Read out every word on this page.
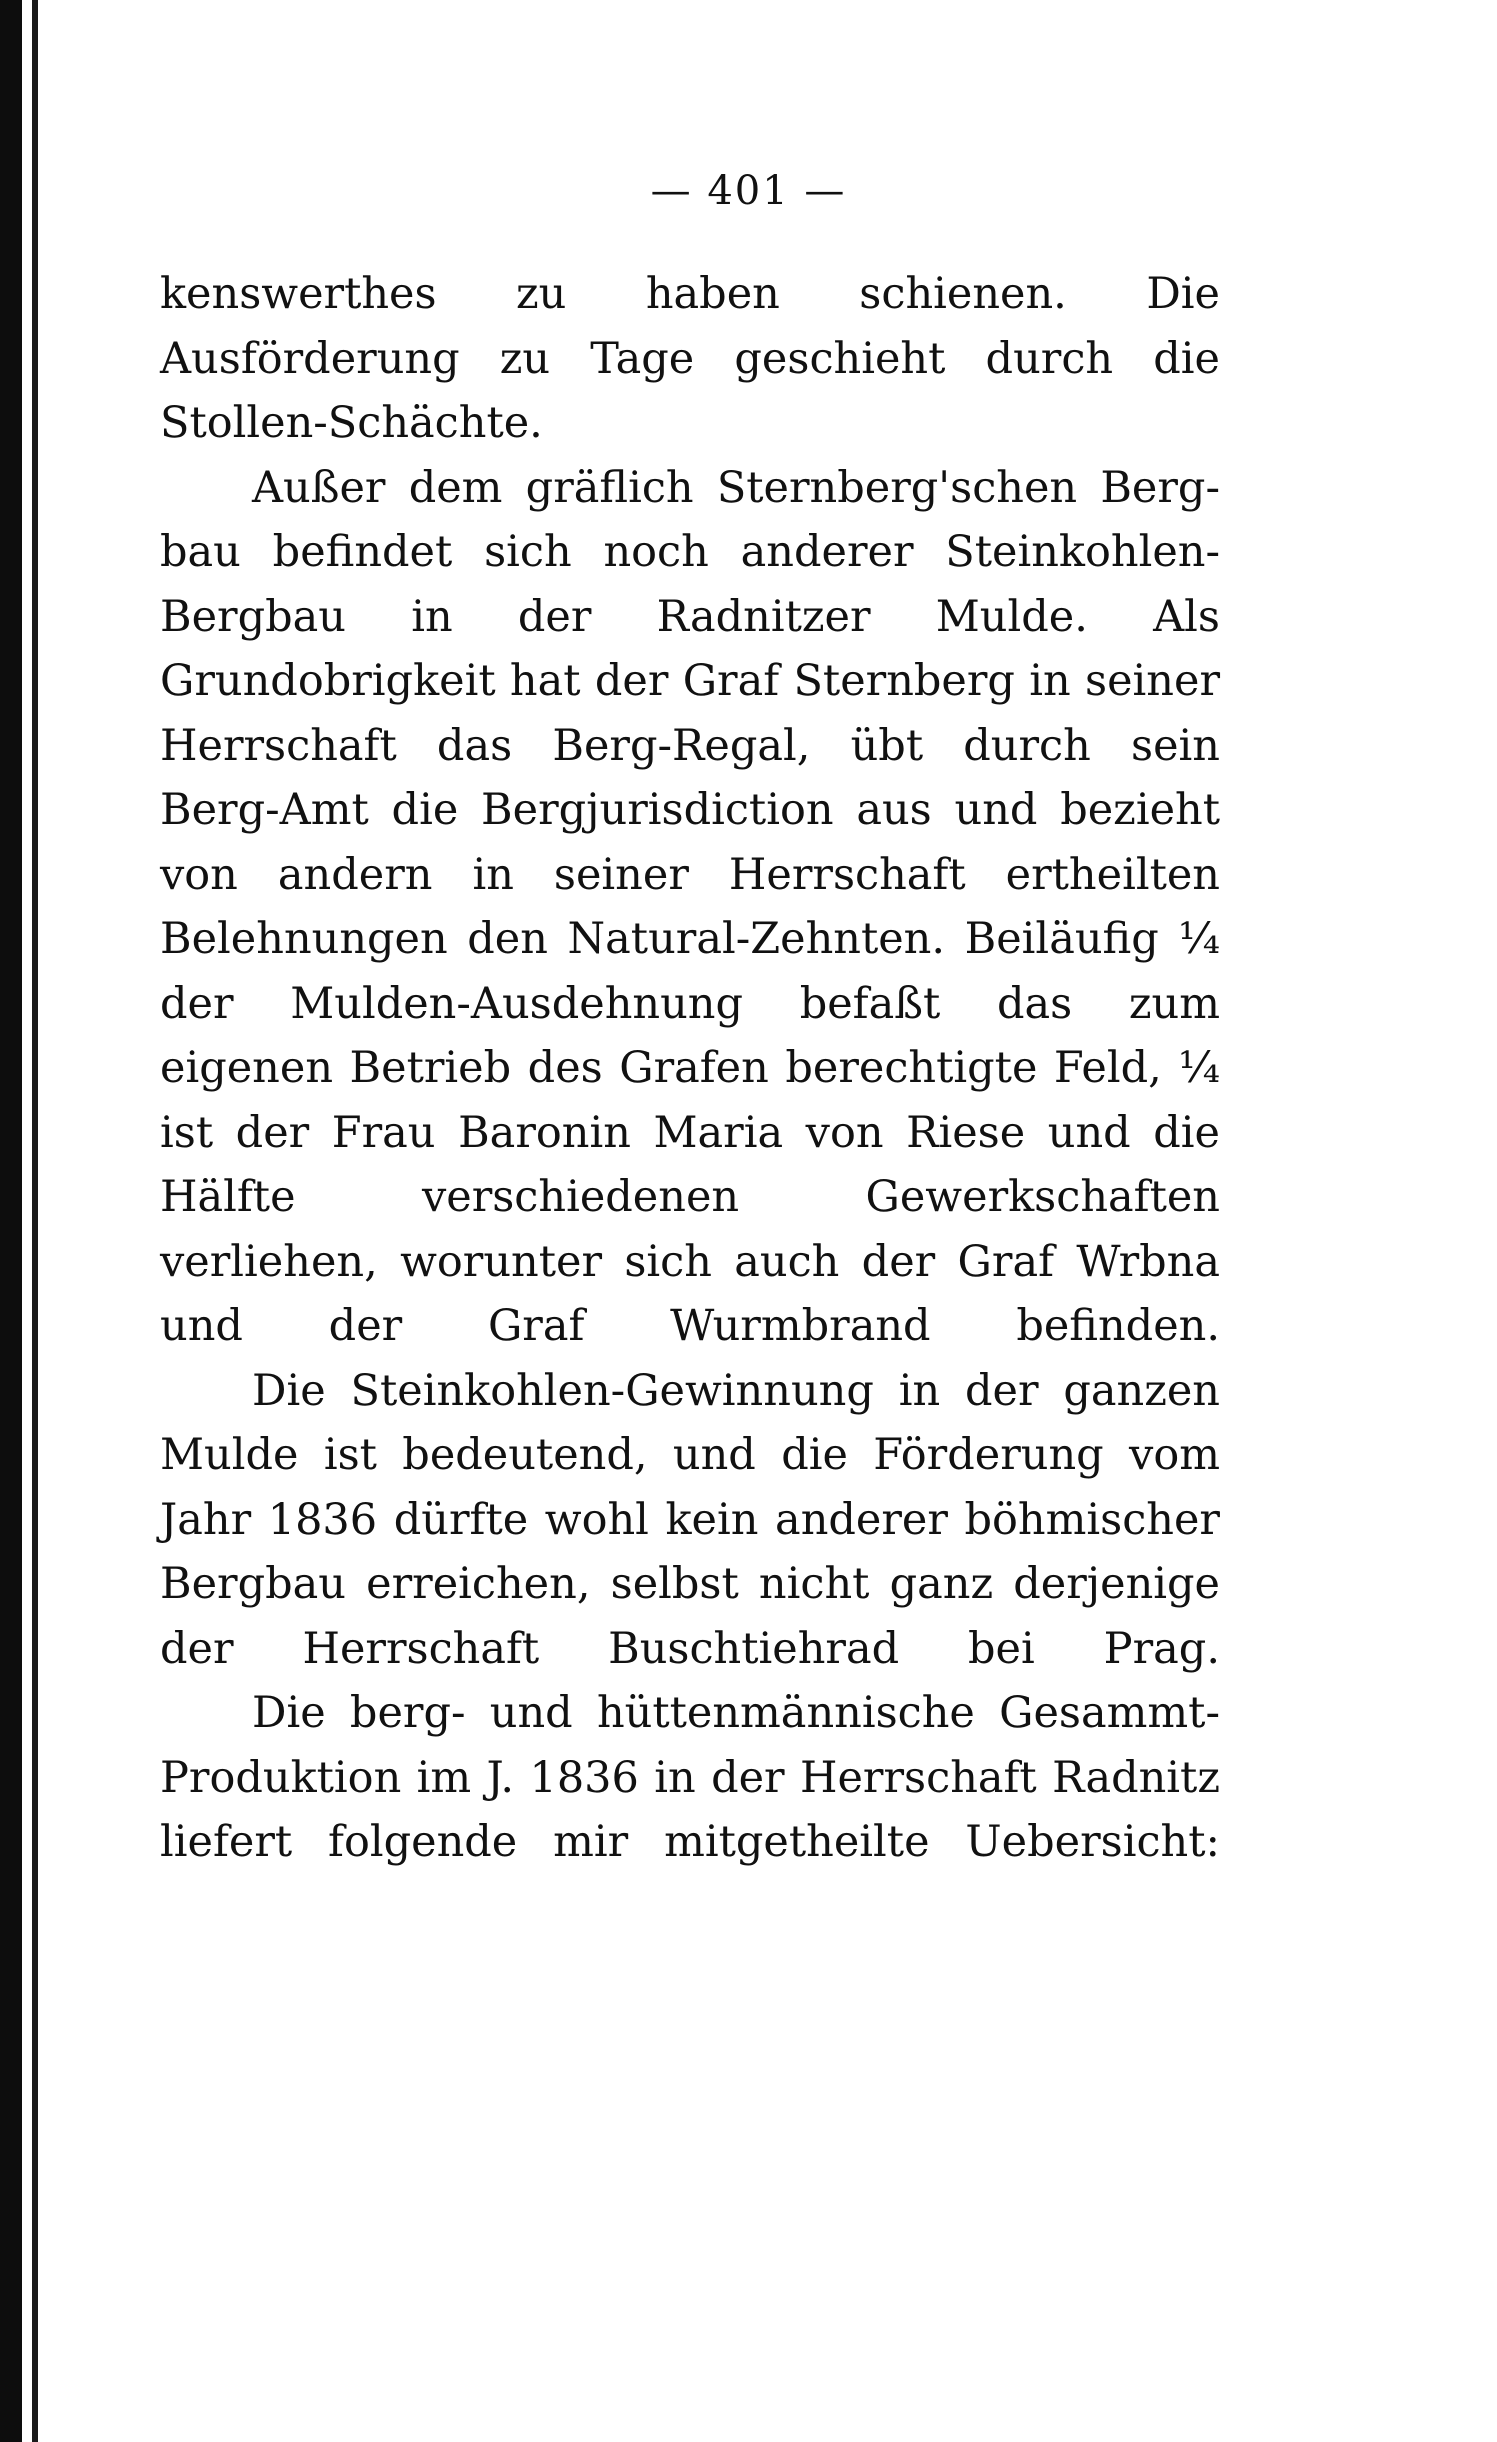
— 401 —

kenswerthes zu haben schienen. Die Ausförderung zu Tage geschieht durch die Stollen-Schächte.

Außer dem gräflich Sternberg'schen Berg-bau befindet sich noch anderer Steinkohlen-Bergbau in der Radnitzer Mulde. Als Grundobrigkeit hat der Graf Sternberg in seiner Herrschaft das Berg-Regal, übt durch sein Berg-Amt die Bergjurisdiction aus und bezieht von andern in seiner Herrschaft ertheilten Belehnungen den Natural-Zehnten. Beiläufig ¼ der Mulden-Ausdehnung befaßt das zum eigenen Betrieb des Grafen berechtigte Feld, ¼ ist der Frau Baronin Maria von Riese und die Hälfte verschiedenen Gewerkschaften verliehen, worunter sich auch der Graf Wrbna und der Graf Wurmbrand befinden.

Die Steinkohlen-Gewinnung in der ganzen Mulde ist bedeutend, und die Förderung vom Jahr 1836 dürfte wohl kein anderer böhmischer Bergbau erreichen, selbst nicht ganz derjenige der Herrschaft Buschtiehrad bei Prag.

Die berg- und hüttenmännische Gesammt-Produktion im J. 1836 in der Herrschaft Radnitz liefert folgende mir mitgetheilte Uebersicht:
